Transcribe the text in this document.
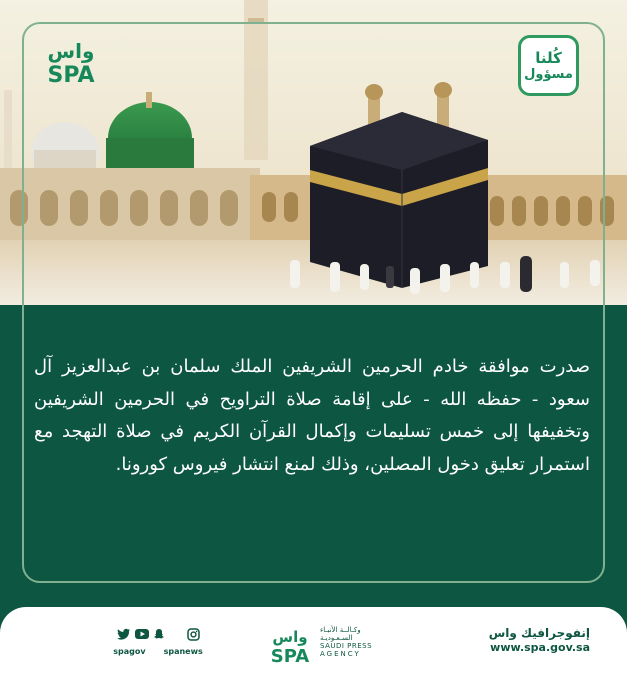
واس
SPA
كُلنا
مسؤول
صدرت موافقة خادم الحرمين الشريفين الملك سلمان بن عبدالعزيز آل سعود - حفظه الله - على إقامة صلاة التراويح في الحرمين الشريفين وتخفيفها إلى خمس تسليمات وإكمال القرآن الكريم في صلاة التهجد مع استمرار تعليق دخول المصلين، وذلك لمنع انتشار فيروس كورونا.
spagov spanews
واس
SPA
وكـالــة الأنبـاء السـعـوديـة
SAUDI PRESS
AGENCY
إنفوجرافيك واس
www.spa.gov.sa
